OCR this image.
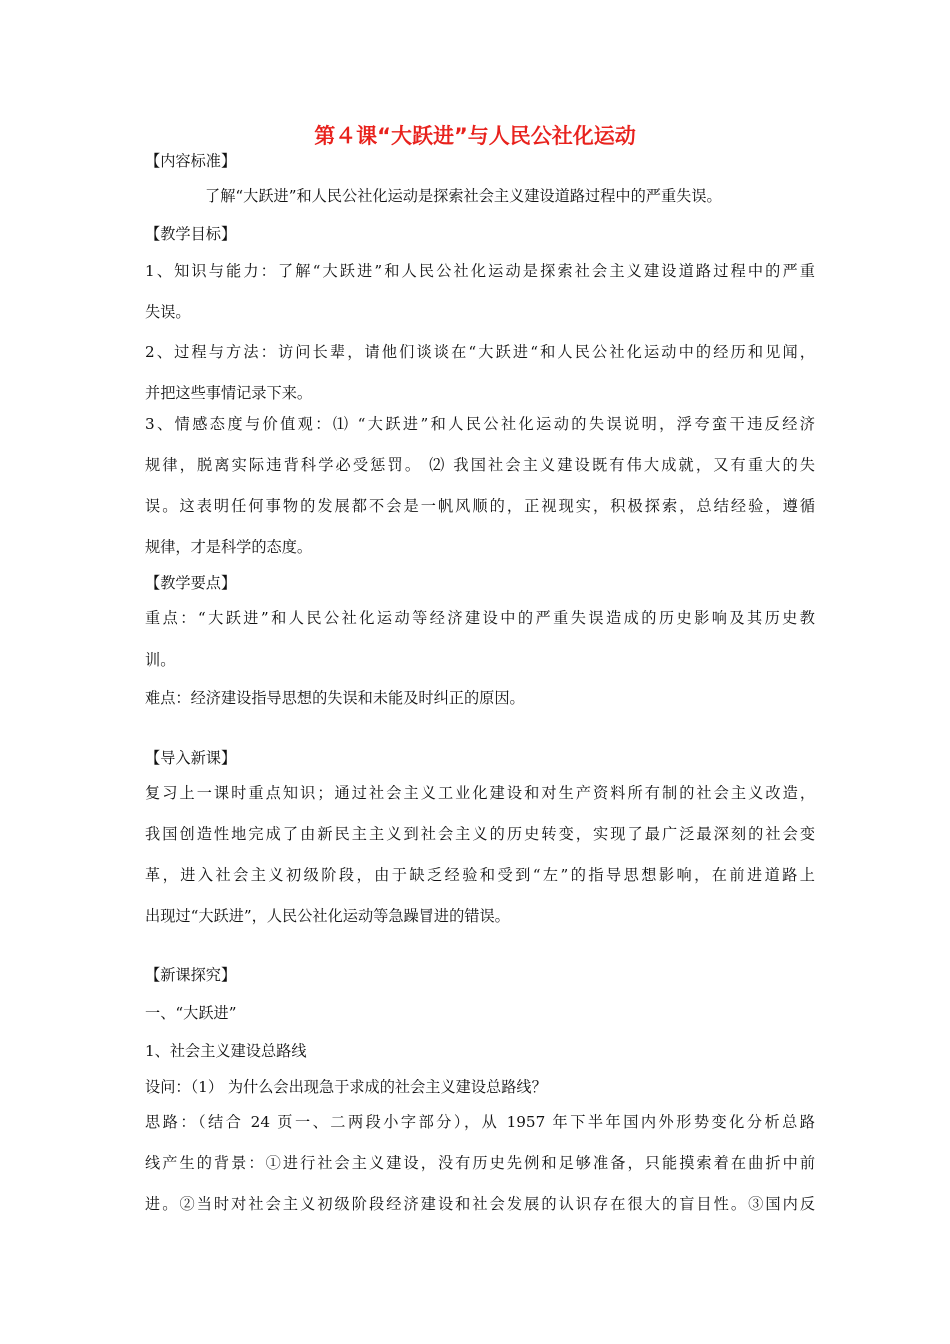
第４课“大跃进”与人民公社化运动
【内容标准】
了解“大跃进”和人民公社化运动是探索社会主义建设道路过程中的严重失误。
【教学目标】
1、知识与能力：了解“大跃进”和人民公社化运动是探索社会主义建设道路过程中的严重
失误。
2、过程与方法：访问长辈，请他们谈谈在“大跃进“和人民公社化运动中的经历和见闻，
并把这些事情记录下来。
3、情感态度与价值观：⑴ “大跃进”和人民公社化运动的失误说明，浮夸蛮干违反经济
规律，脱离实际违背科学必受惩罚。 ⑵ 我国社会主义建设既有伟大成就，又有重大的失
误。这表明任何事物的发展都不会是一帆风顺的，正视现实，积极探索，总结经验，遵循
规律，才是科学的态度。
【教学要点】
重点：“大跃进”和人民公社化运动等经济建设中的严重失误造成的历史影响及其历史教
训。
难点：经济建设指导思想的失误和未能及时纠正的原因。
【导入新课】
复习上一课时重点知识；通过社会主义工业化建设和对生产资料所有制的社会主义改造，
我国创造性地完成了由新民主主义到社会主义的历史转变，实现了最广泛最深刻的社会变
革，进入社会主义初级阶段，由于缺乏经验和受到“左”的指导思想影响，在前进道路上
出现过“大跃进”，人民公社化运动等急躁冒进的错误。
【新课探究】
一、“大跃进”
1、社会主义建设总路线
设问：（1） 为什么会出现急于求成的社会主义建设总路线？
思路：（结合 24 页一、二两段小字部分），从 1957 年下半年国内外形势变化分析总路
线产生的背景：①进行社会主义建设，没有历史先例和足够准备，只能摸索着在曲折中前
进。②当时对社会主义初级阶段经济建设和社会发展的认识存在很大的盲目性。③国内反
